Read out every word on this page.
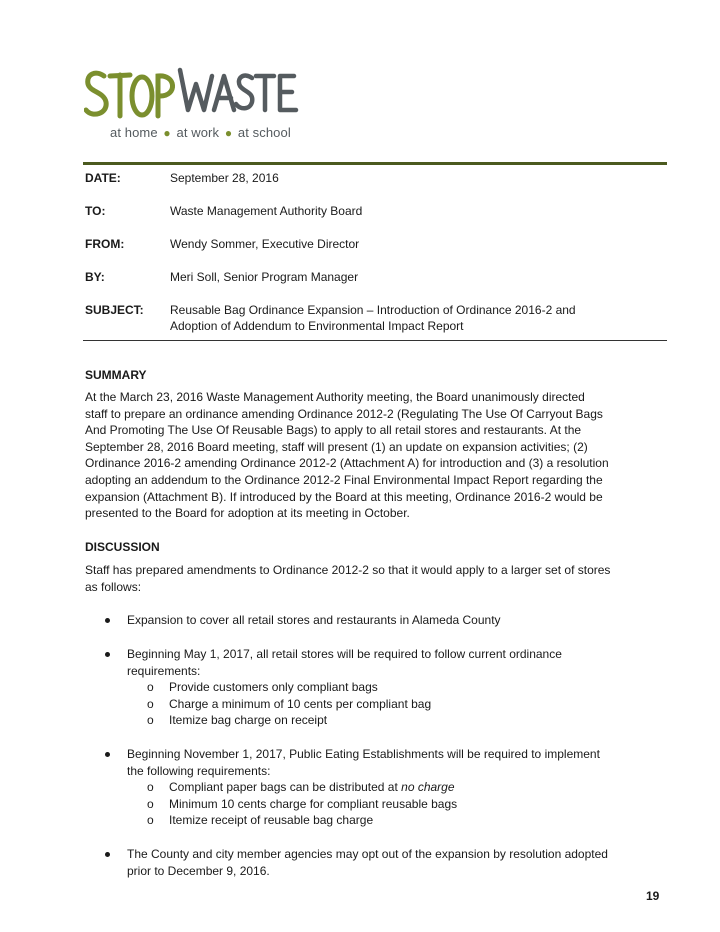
at home ● at work ● at school
DATE:	September 28, 2016
TO:	Waste Management Authority Board
FROM:	Wendy Sommer, Executive Director
BY:	Meri Soll, Senior Program Manager
SUBJECT: Reusable Bag Ordinance Expansion – Introduction of Ordinance 2016-2 and
Adoption of Addendum to Environmental Impact Report
SUMMARY
At the March 23, 2016 Waste Management Authority meeting, the Board unanimously directed
staff to prepare an ordinance amending Ordinance 2012-2 (Regulating The Use Of Carryout Bags
And Promoting The Use Of Reusable Bags) to apply to all retail stores and restaurants. At the
September 28, 2016 Board meeting, staff will present (1) an update on expansion activities; (2)
Ordinance 2016-2 amending Ordinance 2012-2 (Attachment A) for introduction and (3) a resolution
adopting an addendum to the Ordinance 2012-2 Final Environmental Impact Report regarding the
expansion (Attachment B). If introduced by the Board at this meeting, Ordinance 2016-2 would be
presented to the Board for adoption at its meeting in October.
DISCUSSION
Staff has prepared amendments to Ordinance 2012-2 so that it would apply to a larger set of stores
as follows:
Expansion to cover all retail stores and restaurants in Alameda County
Beginning May 1, 2017, all retail stores will be required to follow current ordinance
requirements:
o Provide customers only compliant bags
o Charge a minimum of 10 cents per compliant bag
o Itemize bag charge on receipt
Beginning November 1, 2017, Public Eating Establishments will be required to implement
the following requirements:
o Compliant paper bags can be distributed at no charge
o Minimum 10 cents charge for compliant reusable bags
o Itemize receipt of reusable bag charge
The County and city member agencies may opt out of the expansion by resolution adopted
prior to December 9, 2016.
19
